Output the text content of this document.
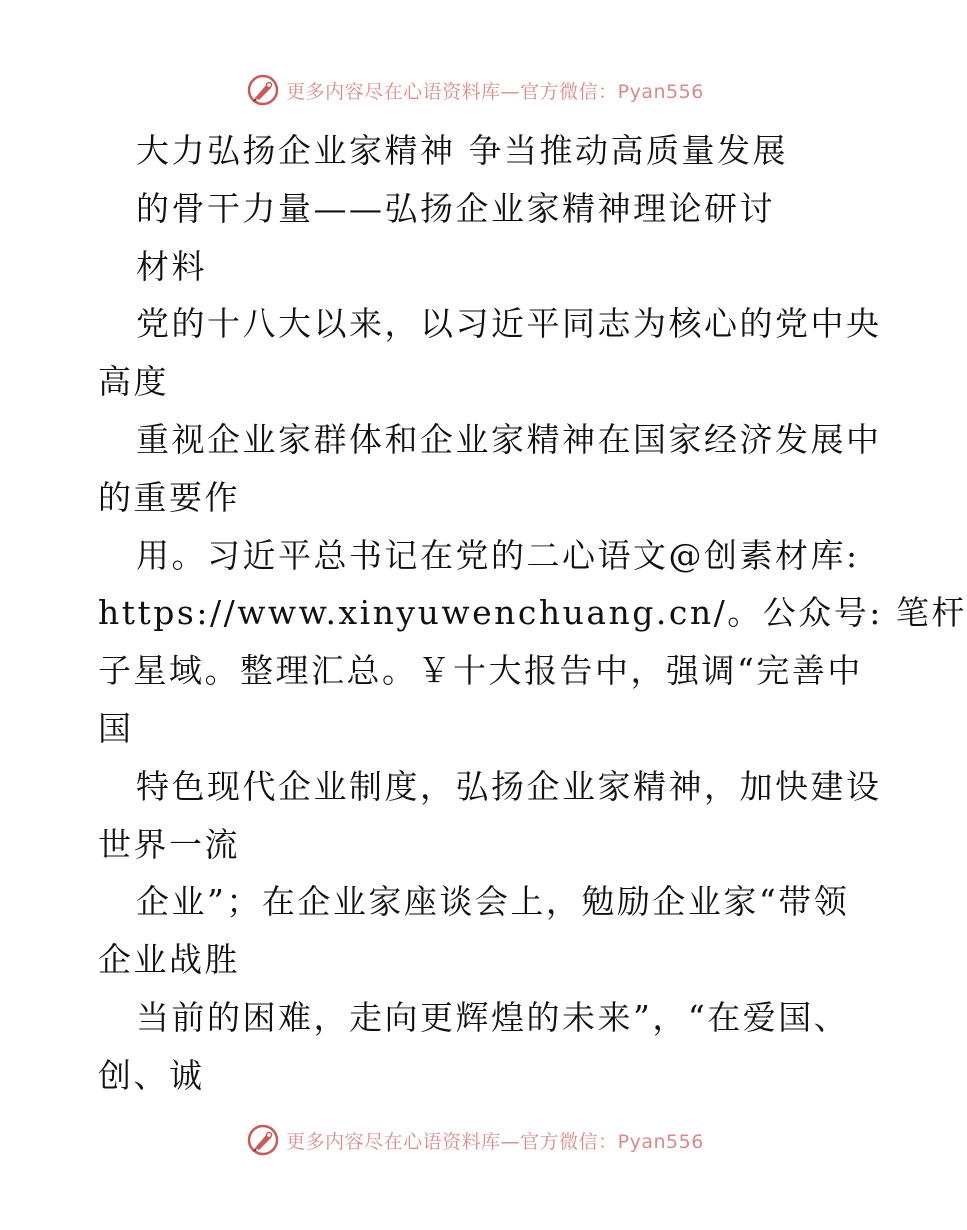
更多内容尽在心语资料库—官方微信：Pyan556
大力弘扬企业家精神 争当推动高质量发展
的骨干力量——弘扬企业家精神理论研讨
材料
党的十八大以来，以习近平同志为核心的党中央
高度
重视企业家群体和企业家精神在国家经济发展中
的重要作
用。习近平总书记在党的二心语文@创素材库:
https://www.xinyuwenchuang.cn/。公众号: 笔杆
子星域。整理汇总。￥十大报告中，强调“完善中
国
特色现代企业制度，弘扬企业家精神，加快建设
世界一流
企业”；在企业家座谈会上，勉励企业家“带领
企业战胜
当前的困难，走向更辉煌的未来”，“在爱国、
创、诚
更多内容尽在心语资料库—官方微信：Pyan556
